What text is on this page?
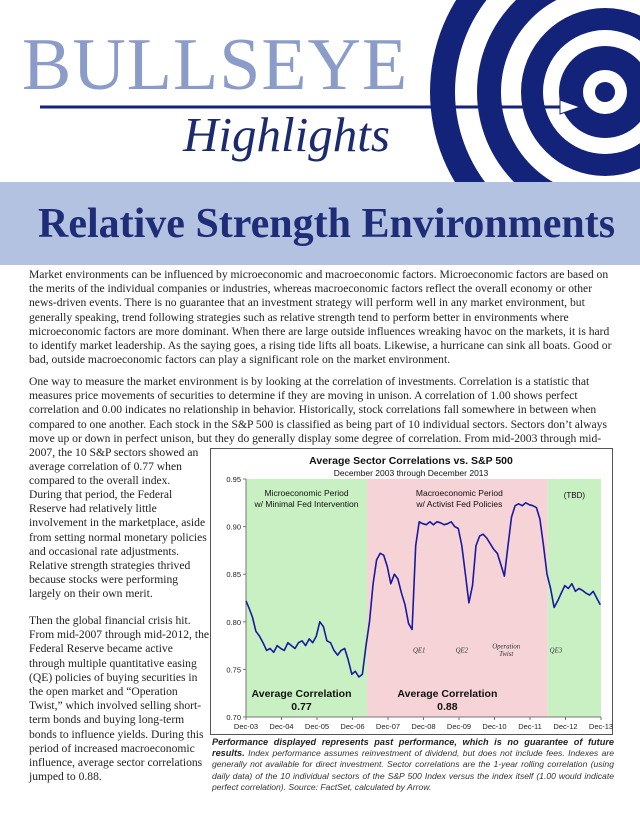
BULLSEYE
Highlights
Relative Strength Environments
Market environments can be influenced by microeconomic and macroeconomic factors. Microeconomic factors are based on the merits of the individual companies or industries, whereas macroeconomic factors reflect the overall economy or other news-driven events. There is no guarantee that an investment strategy will perform well in any market environment, but generally speaking, trend following strategies such as relative strength tend to perform better in environments where microeconomic factors are more dominant. When there are large outside influences wreaking havoc on the markets, it is hard to identify market leadership. As the saying goes, a rising tide lifts all boats. Likewise, a hurricane can sink all boats. Good or bad, outside macroeconomic factors can play a significant role on the market environment.
One way to measure the market environment is by looking at the correlation of investments. Correlation is a statistic that measures price movements of securities to determine if they are moving in unison. A correlation of 1.00 shows perfect correlation and 0.00 indicates no relationship in behavior. Historically, stock correlations fall somewhere in between when compared to one another. Each stock in the S&P 500 is classified as being part of 10 individual sectors. Sectors don’t always move up or down in perfect unison, but they do generally display some degree of correlation. From mid-2003 through mid-
2007, the 10 S&P sectors showed an average correlation of 0.77 when compared to the overall index.
During that period, the Federal Reserve had relatively little involvement in the marketplace, aside from setting normal monetary policies and occasional rate adjustments. Relative strength strategies thrived because stocks were performing largely on their own merit.
Then the global financial crisis hit. From mid-2007 through mid-2012, the Federal Reserve became active through multiple quantitative easing (QE) policies of buying securities in the open market and “Operation Twist,” which involved selling short-term bonds and buying long-term bonds to influence yields. During this period of increased macroeconomic influence, average sector correlations jumped to 0.88.
Average Sector Correlations vs. S&P 500
December 2003 through December 2013
0.95
0.90
0.85
0.80
0.75
0.70
Dec-03 Dec-04 Dec-05 Dec-06 Dec-07 Dec-08 Dec-09 Dec-10 Dec-11 Dec-12 Dec-13
Microeconomic Period
w/ Minimal Fed Intervention
Macroeconomic Period
w/ Activist Fed Policies
(TBD)
Average Correlation
0.77
Average Correlation
0.88
QE1	QE2
Operation
Twist
QE3
Performance displayed represents past performance, which is no guarantee of future results. Index performance assumes reinvestment of dividend, but does not include fees. Indexes are generally not available for direct investment. Sector correlations are the 1-year rolling correlation (using daily data) of the 10 individual sectors of the S&P 500 Index versus the index itself (1.00 would indicate perfect correlation). Source: FactSet, calculated by Arrow.
